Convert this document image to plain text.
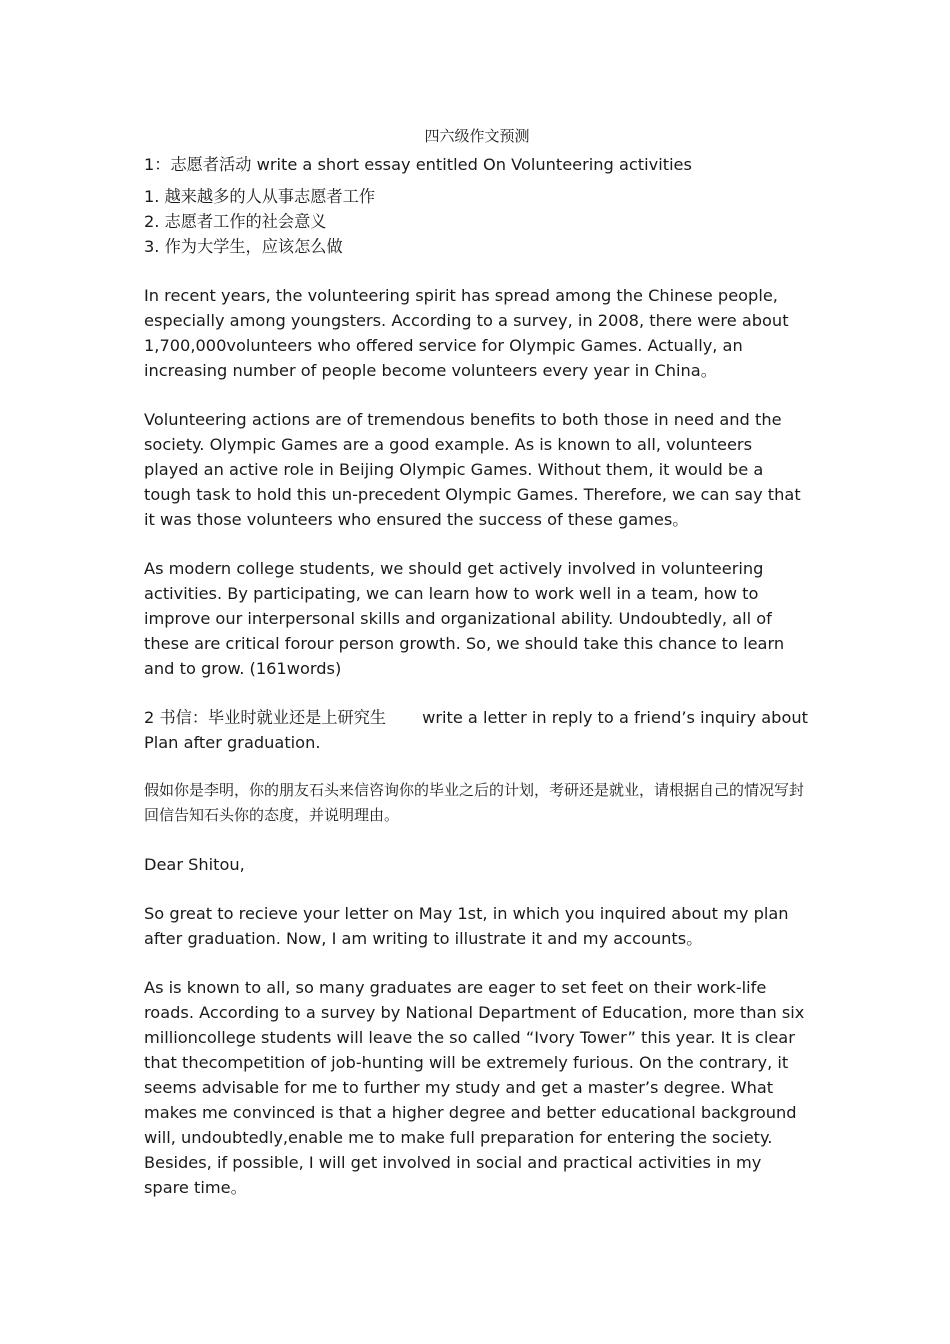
四六级作文预测

1：志愿者活动 write a short essay entitled On Volunteering activities

1. 越来越多的人从事志愿者工作
2. 志愿者工作的社会意义
3. 作为大学生，应该怎么做

In recent years, the volunteering spirit has spread among the Chinese people, especially among youngsters. According to a survey, in 2008, there were about 1,700,000volunteers who offered service for Olympic Games. Actually, an increasing number of people become volunteers every year in China。

Volunteering actions are of tremendous benefits to both those in need and the society. Olympic Games are a good example. As is known to all, volunteers played an active role in Beijing Olympic Games. Without them, it would be a tough task to hold this un-precedent Olympic Games. Therefore, we can say that it was those volunteers who ensured the success of these games。

As modern college students, we should get actively involved in volunteering activities. By participating, we can learn how to work well in a team, how to improve our interpersonal skills and organizational ability. Undoubtedly, all of these are critical forour person growth. So, we should take this chance to learn and to grow. (161words)

2 书信：毕业时就业还是上研究生 write a letter in reply to a friend’s inquiry about Plan after graduation.

假如你是李明，你的朋友石头来信咨询你的毕业之后的计划，考研还是就业，请根据自己的情况写封回信告知石头你的态度，并说明理由。

Dear Shitou,

So great to recieve your letter on May 1st, in which you inquired about my plan after graduation. Now, I am writing to illustrate it and my accounts。

As is known to all, so many graduates are eager to set feet on their work-life roads. According to a survey by National Department of Education, more than six millioncollege students will leave the so called “Ivory Tower” this year. It is clear that thecompetition of job-hunting will be extremely furious. On the contrary, it seems advisable for me to further my study and get a master’s degree. What makes me convinced is that a higher degree and better educational background will, undoubtedly,enable me to make full preparation for entering the society. Besides, if possible, I will get involved in social and practical activities in my spare time。
